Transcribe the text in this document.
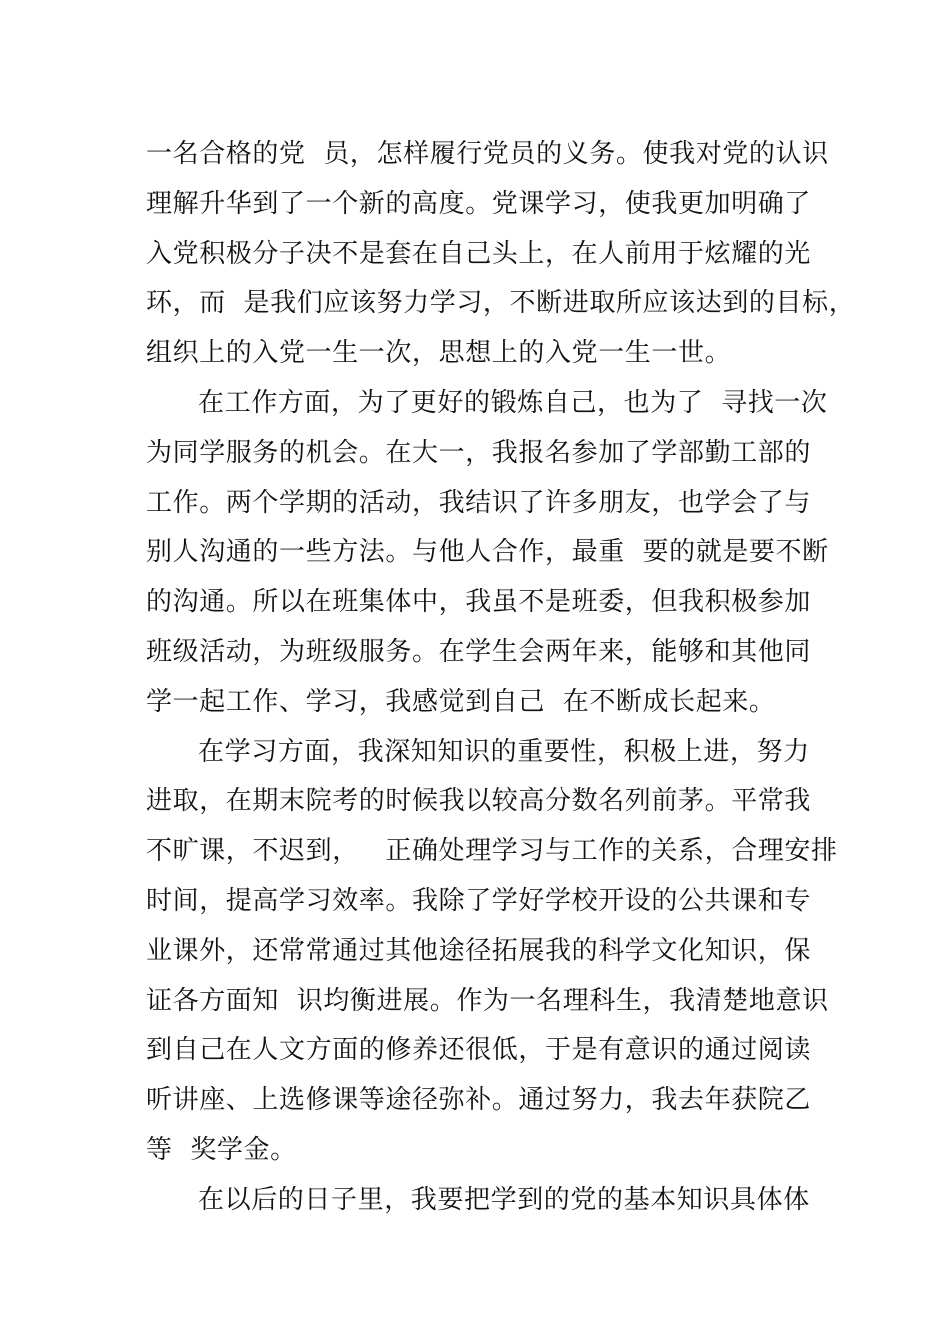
一名合格的党  员，怎样履行党员的义务。使我对党的认识
理解升华到了一个新的高度。党课学习，使我更加明确了
入党积极分子决不是套在自己头上，在人前用于炫耀的光
环，而  是我们应该努力学习，不断进取所应该达到的目标，
组织上的入党一生一次，思想上的入党一生一世。
在工作方面，为了更好的锻炼自己，也为了  寻找一次
为同学服务的机会。在大一，我报名参加了学部勤工部的
工作。两个学期的活动，我结识了许多朋友，也学会了与
别人沟通的一些方法。与他人合作，最重  要的就是要不断
的沟通。所以在班集体中，我虽不是班委，但我积极参加
班级活动，为班级服务。在学生会两年来，能够和其他同
学一起工作、学习，我感觉到自己  在不断成长起来。
在学习方面，我深知知识的重要性，积极上进，努力
进取，在期末院考的时候我以较高分数名列前茅。平常我
不旷课，不迟到，   正确处理学习与工作的关系，合理安排
时间，提高学习效率。我除了学好学校开设的公共课和专
业课外，还常常通过其他途径拓展我的科学文化知识，保
证各方面知  识均衡进展。作为一名理科生，我清楚地意识
到自己在人文方面的修养还很低，于是有意识的通过阅读
听讲座、上选修课等途径弥补。通过努力，我去年获院乙
等  奖学金。
在以后的日子里，我要把学到的党的基本知识具体体
